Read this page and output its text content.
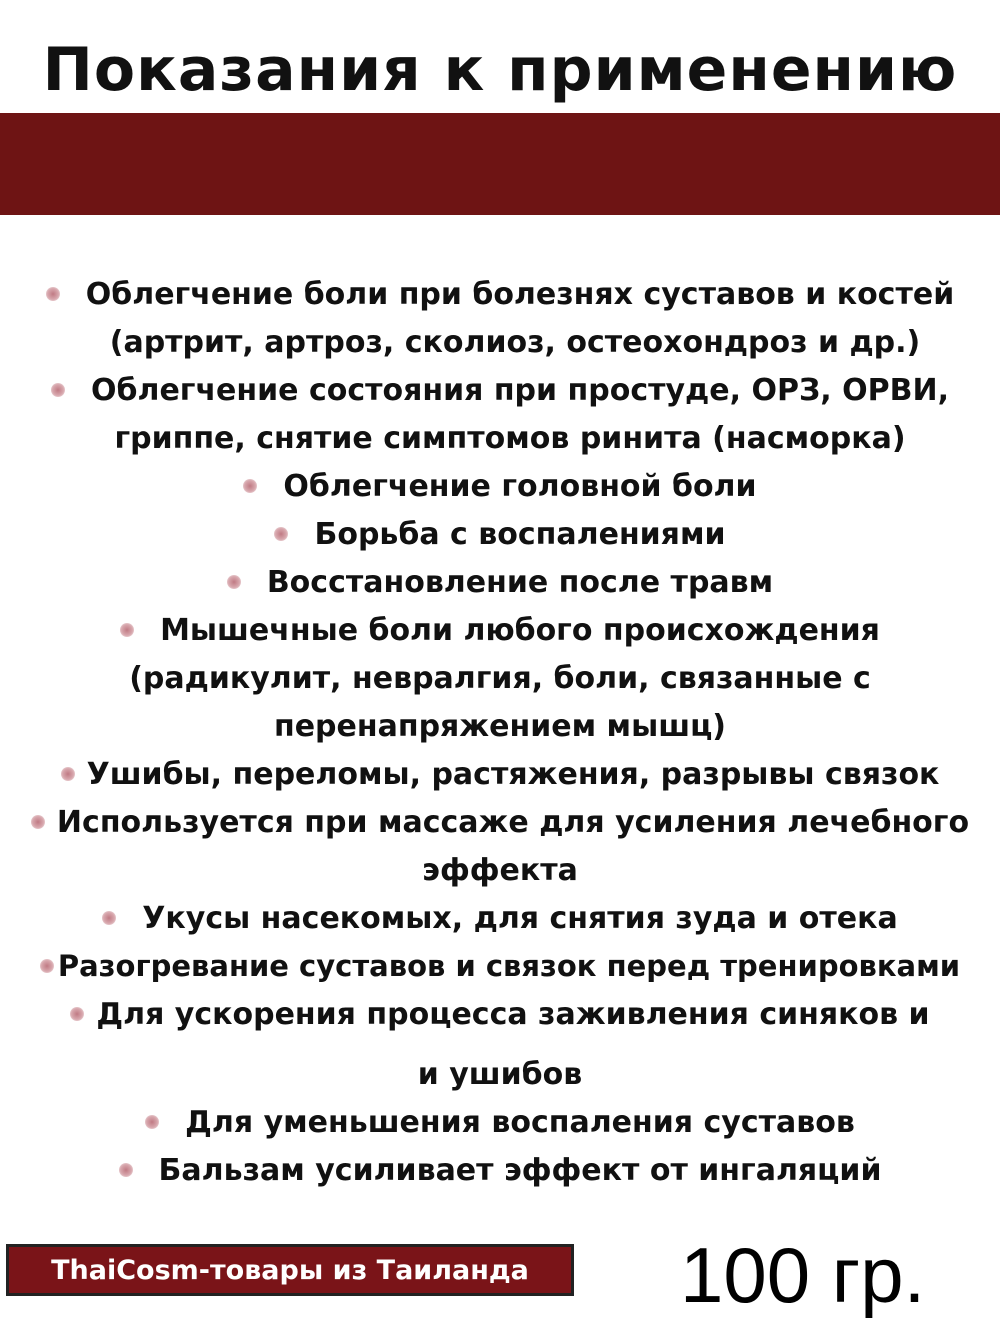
Показания к применению
Облегчение боли при болезнях суставов и костей
(артрит, артроз, сколиоз, остеохондроз и др.)
Облегчение состояния при простуде, ОРЗ, ОРВИ,
гриппе, снятие симптомов ринита (насморка)
Облегчение головной боли
Борьба с воспалениями
Восстановление после травм
Мышечные боли любого происхождения
(радикулит, невралгия, боли, связанные с
перенапряжением мышц)
Ушибы, переломы, растяжения, разрывы связок
Используется при массаже для усиления лечебного
эффекта
Укусы насекомых, для снятия зуда и отека
Разогревание суставов и связок перед тренировками
Для ускорения процесса заживления синяков и
и ушибов
Для уменьшения воспаления суставов
Бальзам усиливает эффект от ингаляций
ThaiCosm-товары из Таиланда	100 гр.
